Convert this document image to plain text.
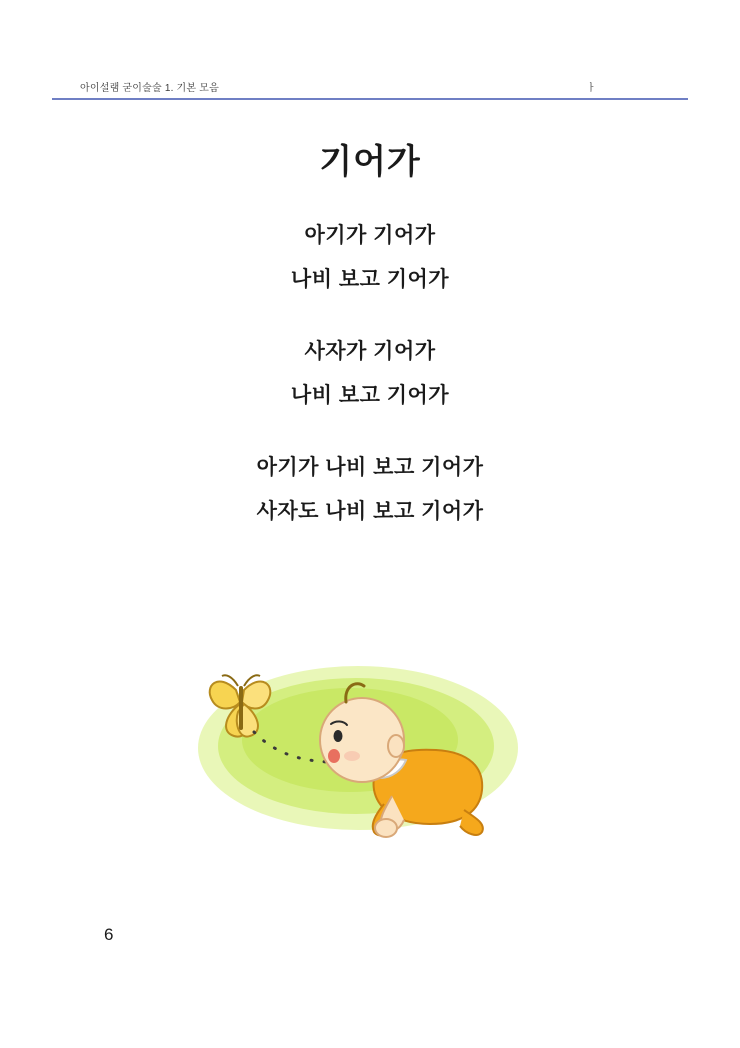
아이설램 굳이술술 1. 기본 모음	ㅏ
기어가
아기가 기어가
나비 보고 기어가
사자가 기어가
나비 보고 기어가
아기가 나비 보고 기어가
사자도 나비 보고 기어가
6
